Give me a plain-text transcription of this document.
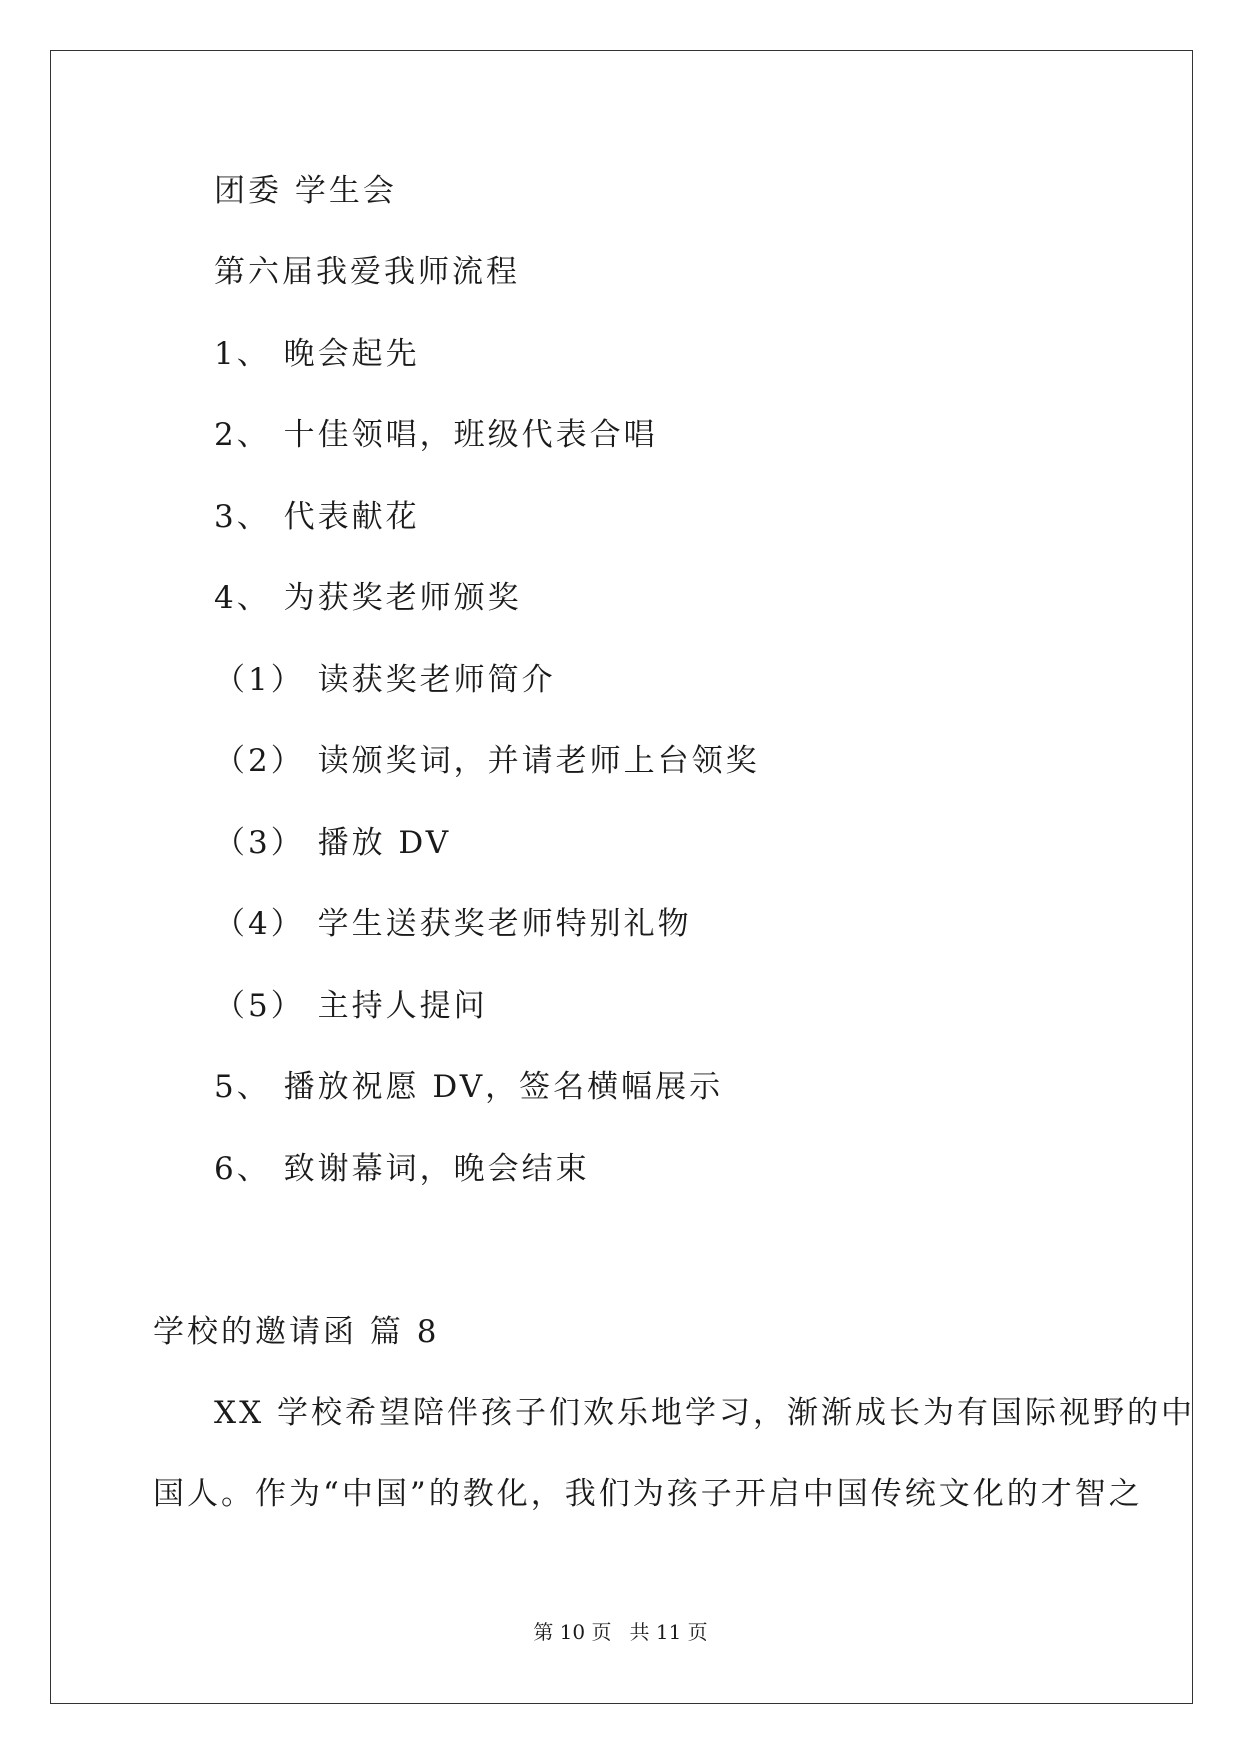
团委 学生会
第六届我爱我师流程
1、 晚会起先
2、 十佳领唱，班级代表合唱
3、 代表献花
4、 为获奖老师颁奖
（1） 读获奖老师简介
（2） 读颁奖词，并请老师上台领奖
（3） 播放 DV
（4） 学生送获奖老师特别礼物
（5） 主持人提问
5、 播放祝愿 DV，签名横幅展示
6、 致谢幕词，晚会结束
学校的邀请函 篇 8
XX 学校希望陪伴孩子们欢乐地学习，渐渐成长为有国际视野的中
国人。作为“中国”的教化，我们为孩子开启中国传统文化的才智之
第 10 页 共 11 页
